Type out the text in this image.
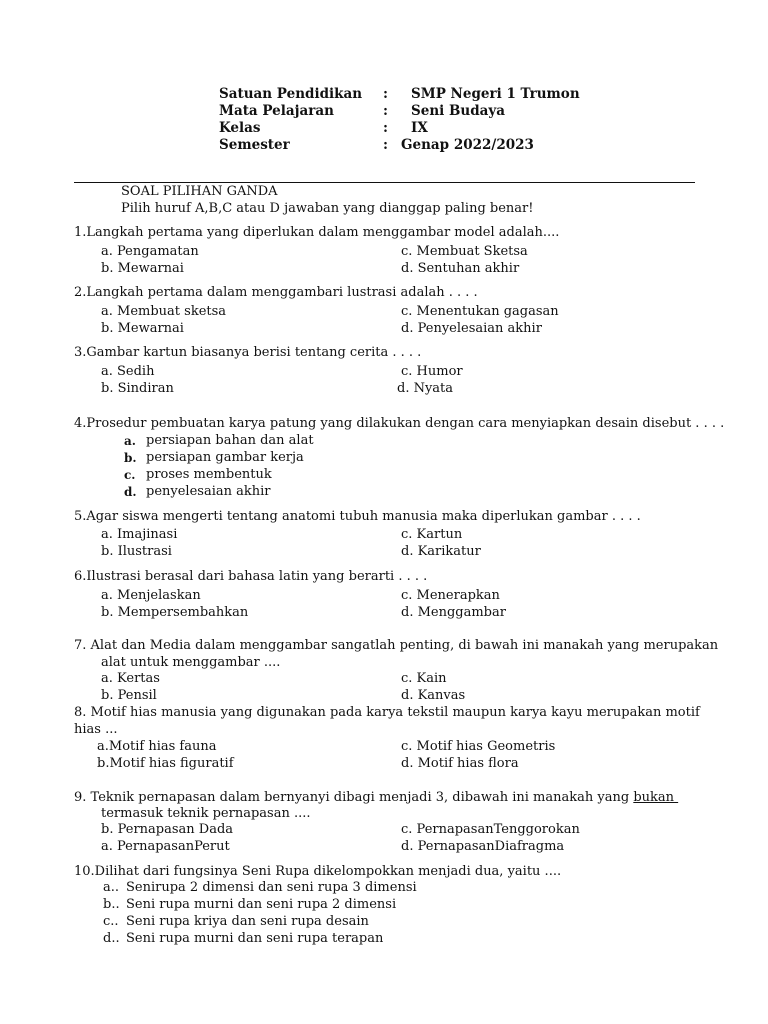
Satuan Pendidikan : SMP Negeri 1 Trumon
Mata Pelajaran	: Seni Budaya
Kelas	: IX
Semester	: Genap 2022/2023
SOAL PILIHAN GANDA
Pilih huruf A,B,C atau D jawaban yang dianggap paling benar!
1.Langkah pertama yang diperlukan dalam menggambar model adalah....
a. Pengamatan	c. Membuat Sketsa
b. Mewarnai	d. Sentuhan akhir
2.Langkah pertama dalam menggambari lustrasi adalah . . . .
a. Membuat sketsa	c. Menentukan gagasan
b. Mewarnai	d. Penyelesaian akhir
3.Gambar kartun biasanya berisi tentang cerita . . . .
a. Sedih	c. Humor
b. Sindiran	d. Nyata
4.Prosedur pembuatan karya patung yang dilakukan dengan cara menyiapkan desain disebut . . . .
a. persiapan bahan dan alat
b. persiapan gambar kerja
c. proses membentuk
d. penyelesaian akhir
5.Agar siswa mengerti tentang anatomi tubuh manusia maka diperlukan gambar . . . .
a. Imajinasi	c. Kartun
b. Ilustrasi	d. Karikatur
6.Ilustrasi berasal dari bahasa latin yang berarti . . . .
a. Menjelaskan	c. Menerapkan
b. Mempersembahkan	d. Menggambar
7. Alat dan Media dalam menggambar sangatlah penting, di bawah ini manakah yang merupakan
alat untuk menggambar ....
a. Kertas	c. Kain
b. Pensil	d. Kanvas
8. Motif hias manusia yang digunakan pada karya tekstil maupun karya kayu merupakan motif
hias ...
a.Motif hias fauna	c. Motif hias Geometris
b.Motif hias figuratif	d. Motif hias flora
9. Teknik pernapasan dalam bernyanyi dibagi menjadi 3, dibawah ini manakah yang bukan
termasuk teknik pernapasan ....
b. Pernapasan Dada	c. PernapasanTenggorokan
a. PernapasanPerut	d. PernapasanDiafragma
10.Dilihat dari fungsinya Seni Rupa dikelompokkan menjadi dua, yaitu ....
a.. Senirupa 2 dimensi dan seni rupa 3 dimensi
b.. Seni rupa murni dan seni rupa 2 dimensi
c.. Seni rupa kriya dan seni rupa desain
d.. Seni rupa murni dan seni rupa terapan
